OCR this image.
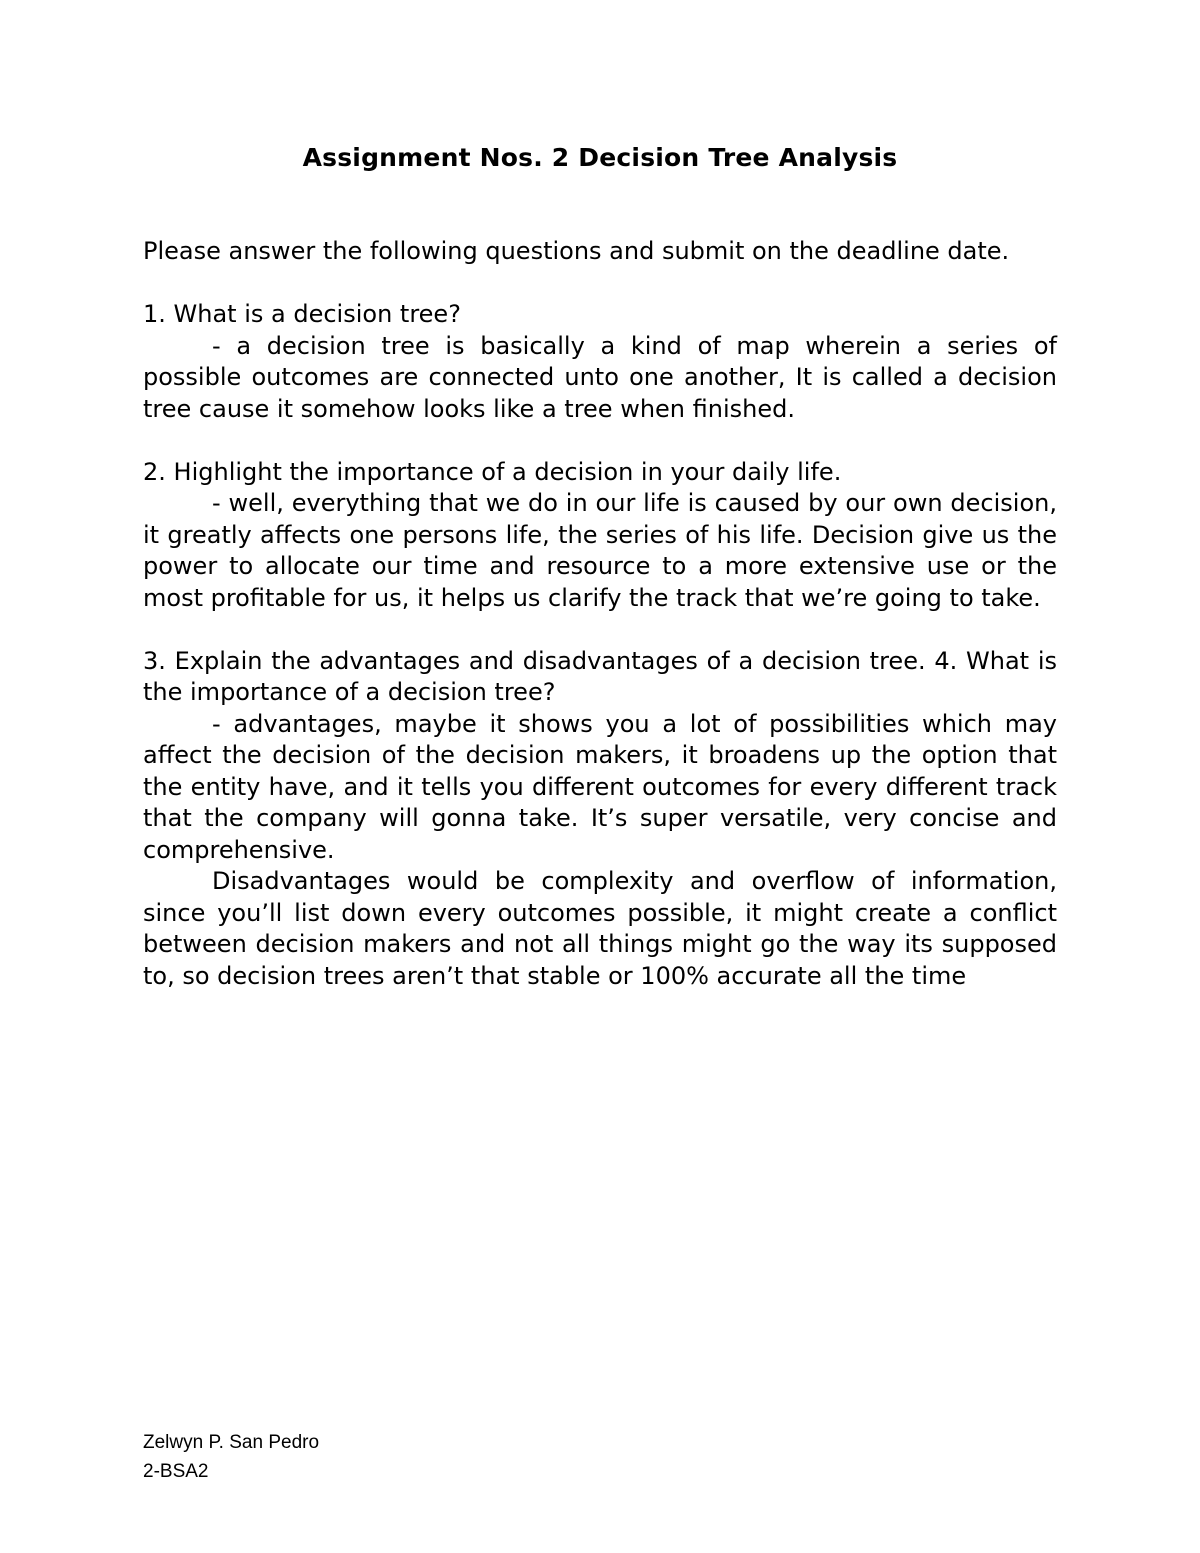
Assignment Nos. 2 Decision Tree Analysis

Please answer the following questions and submit on the deadline date.

1. What is a decision tree?

- a decision tree is basically a kind of map wherein a series of possible outcomes are connected unto one another, It is called a decision tree cause it somehow looks like a tree when finished.

2. Highlight the importance of a decision in your daily life.

- well, everything that we do in our life is caused by our own decision, it greatly affects one persons life, the series of his life. Decision give us the power to allocate our time and resource to a more extensive use or the most profitable for us, it helps us clarify the track that we’re going to take.

3. Explain the advantages and disadvantages of a decision tree. 4. What is the importance of a decision tree?

- advantages, maybe it shows you a lot of possibilities which may affect the decision of the decision makers, it broadens up the option that the entity have, and it tells you different outcomes for every different track that the company will gonna take. It’s super versatile, very concise and comprehensive.

Disadvantages would be complexity and overflow of information, since you’ll list down every outcomes possible, it might create a conflict between decision makers and not all things might go the way its supposed to, so decision trees aren’t that stable or 100% accurate all the time

Zelwyn P. San Pedro
2-BSA2
